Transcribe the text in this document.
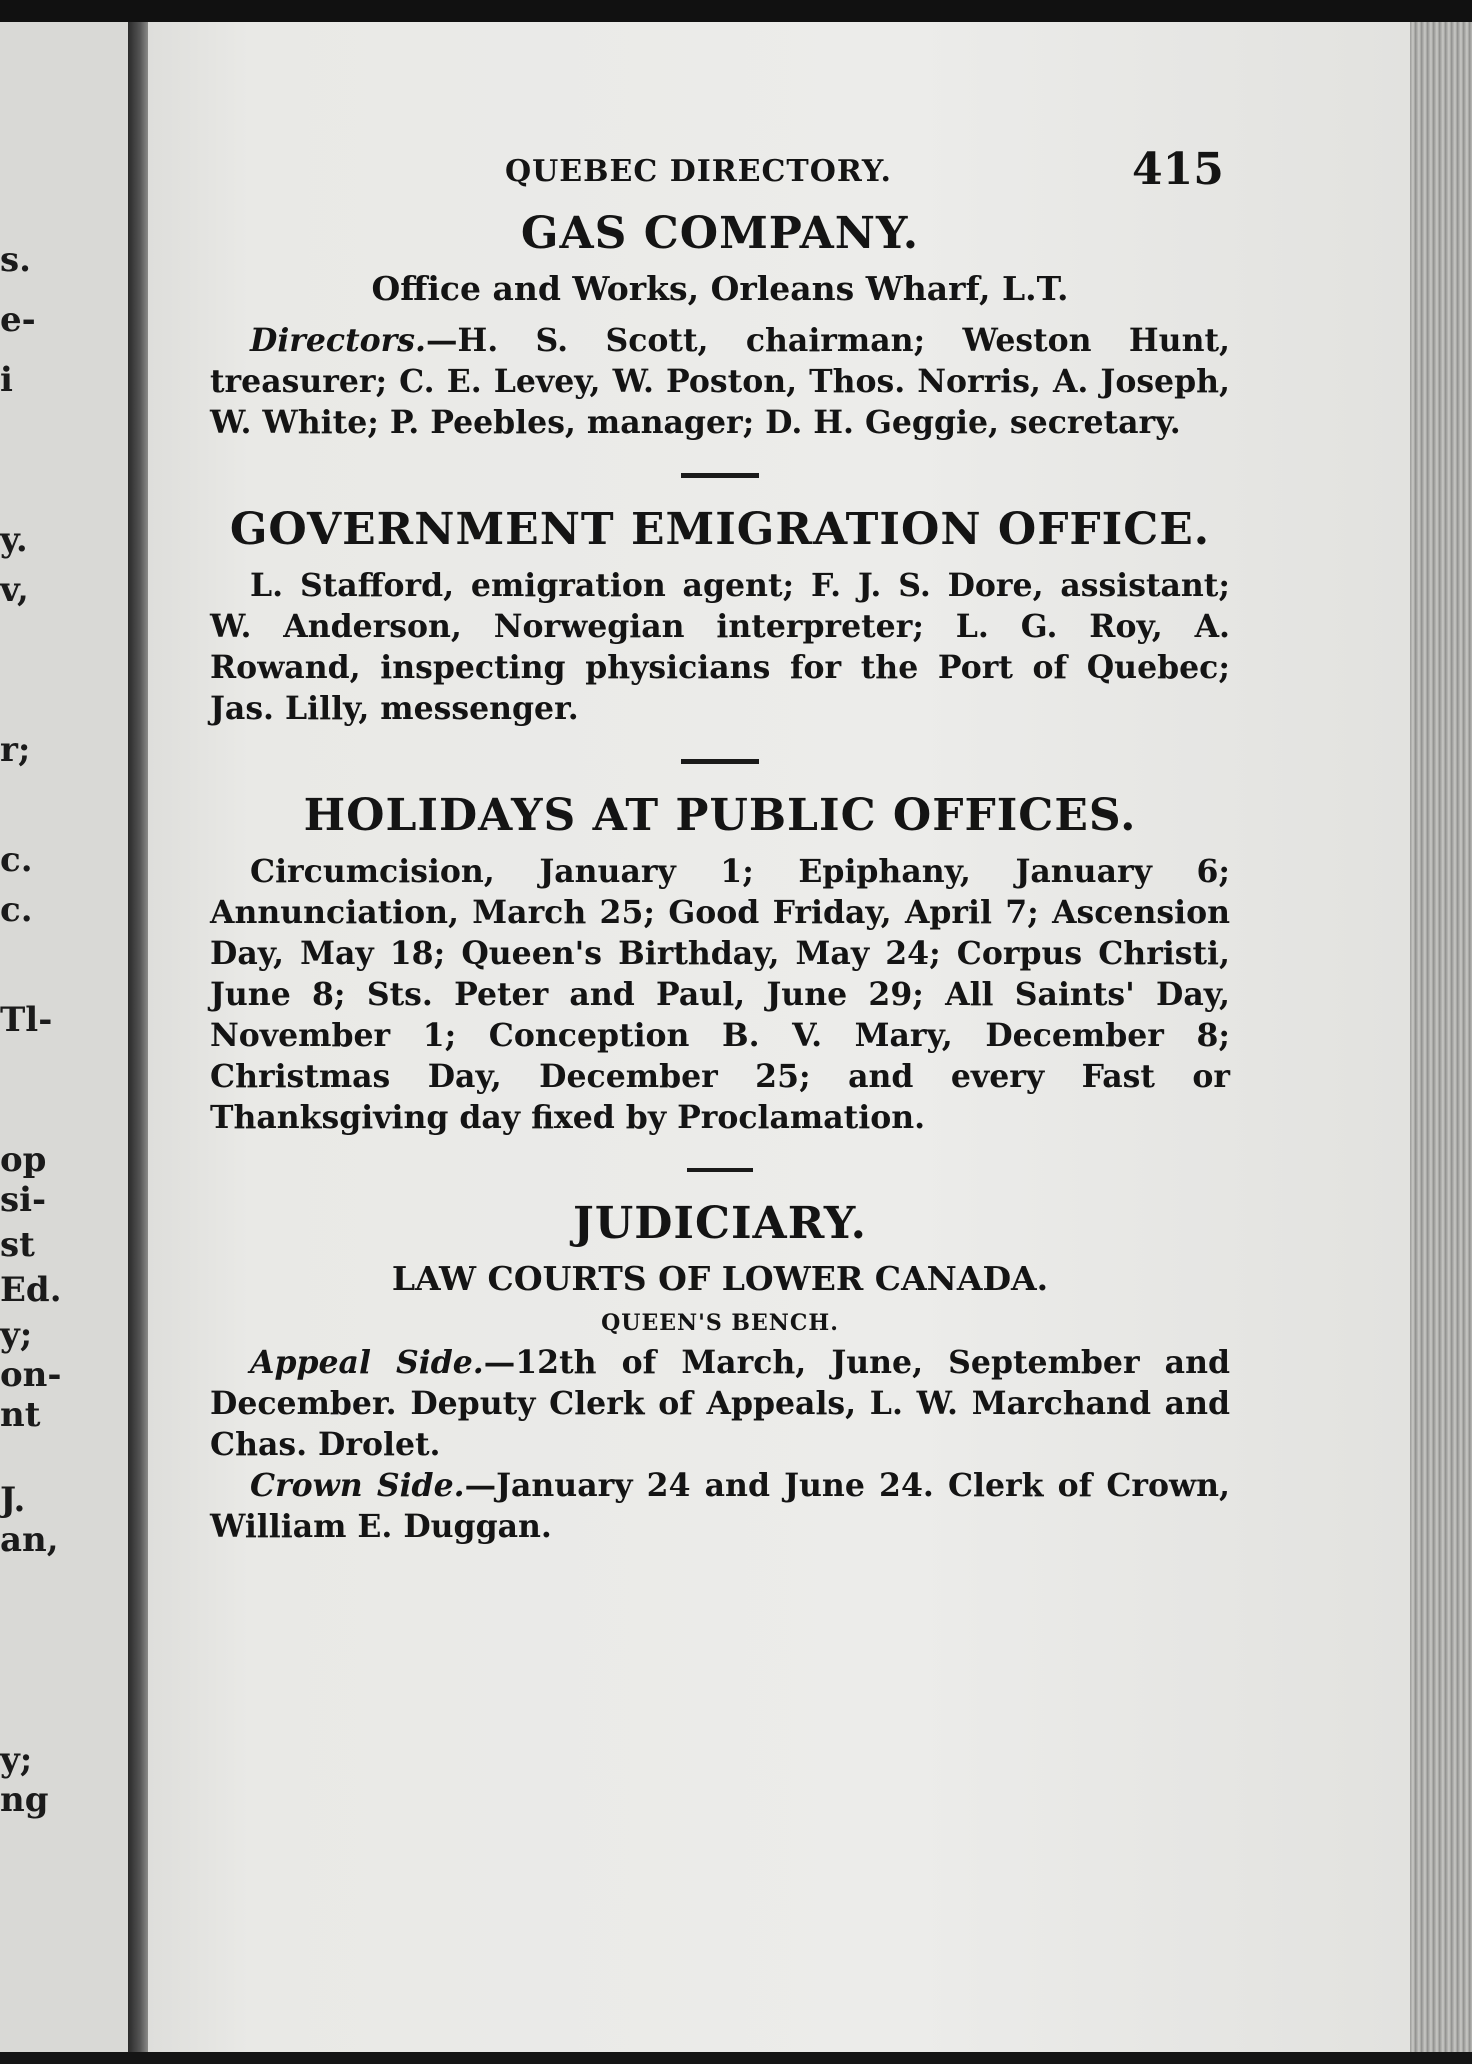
s.
e-
i
y.
v,
r;
c.
c.
Tl-
op
si-
st
Ed.
y;
on-
nt
J.
an,
y;
ng
QUEBEC DIRECTORY.	415
GAS COMPANY.
Office and Works, Orleans Wharf, L.T.

Directors.—H. S. Scott, chairman; Weston Hunt, treasurer; C. E. Levey, W. Poston, Thos. Norris, A. Joseph, W. White; P. Peebles, manager; D. H. Geggie, secretary.

GOVERNMENT EMIGRATION OFFICE.

L. Stafford, emigration agent; F. J. S. Dore, assistant; W. Anderson, Norwegian interpreter; L. G. Roy, A. Rowand, inspecting physicians for the Port of Quebec; Jas. Lilly, messenger.

HOLIDAYS AT PUBLIC OFFICES.

Circumcision, January 1; Epiphany, January 6; Annunciation, March 25; Good Friday, April 7; Ascension Day, May 18; Queen's Birthday, May 24; Corpus Christi, June 8; Sts. Peter and Paul, June 29; All Saints' Day, November 1; Conception B. V. Mary, December 8; Christmas Day, December 25; and every Fast or Thanksgiving day fixed by Proclamation.

JUDICIARY.
LAW COURTS OF LOWER CANADA.
QUEEN'S BENCH.

Appeal Side.—12th of March, June, September and December. Deputy Clerk of Appeals, L. W. Marchand and Chas. Drolet.

Crown Side.—January 24 and June 24. Clerk of Crown, William E. Duggan.
